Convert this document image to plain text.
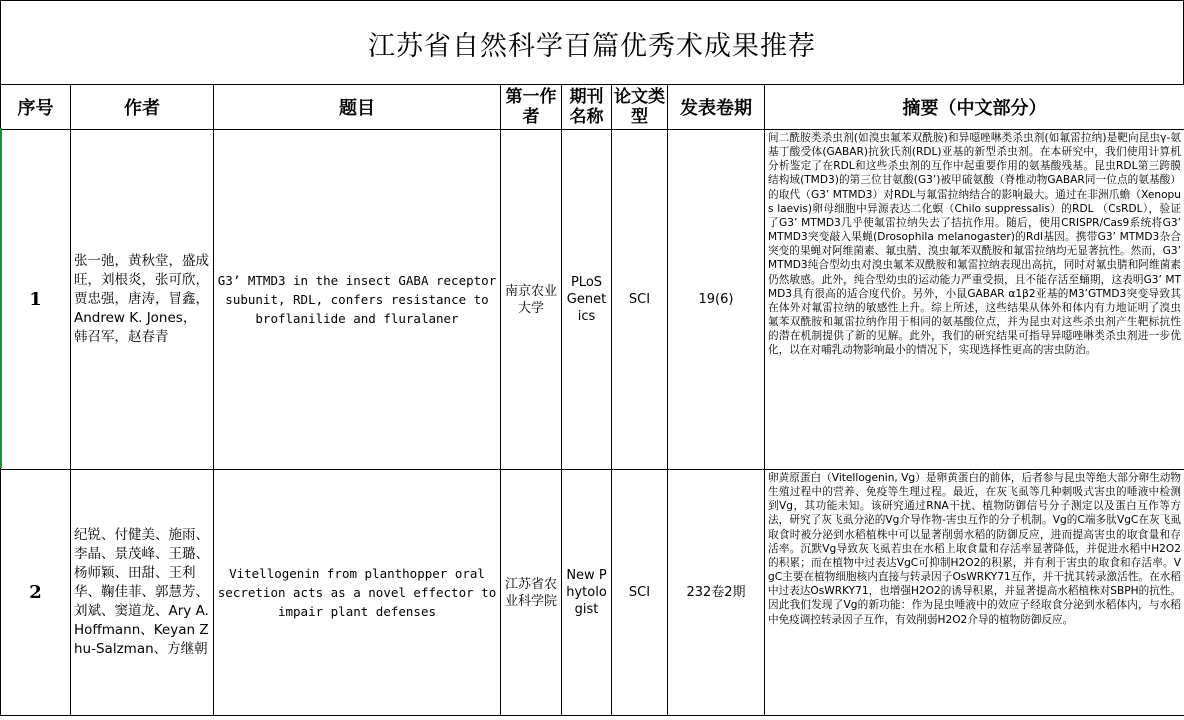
江苏省自然科学百篇优秀术成果推荐
序号	作者	题目	第一作者	期刊名称	论文类型	发表卷期	摘要（中文部分）
1	张一弛，黄秋堂，盛成旺，刘根炎，张可欣，贾忠强，唐涛，冒鑫，Andrew K. Jones，韩召军，赵春青	G3’ MTMD3 in the insect GABA receptor subunit, RDL, confers resistance to broflanilide and fluralaner	南京农业大学	PLoS Genetics	SCI	19(6)	间二酰胺类杀虫剂(如溴虫氟苯双酰胺)和异噁唑啉类杀虫剂(如氟雷拉纳)是靶向昆虫γ-氨基丁酸受体(GABAR)抗狄氏剂(RDL)亚基的新型杀虫剂。在本研究中，我们使用计算机分析鉴定了在RDL和这些杀虫剂的互作中起重要作用的氨基酸残基。昆虫RDL第三跨膜结构域(TMD3)的第三位甘氨酸(G3’)被甲硫氨酸（脊椎动物GABAR同一位点的氨基酸）的取代（G3’ MTMD3）对RDL与氟雷拉纳结合的影响最大。通过在非洲爪蟾（Xenopus laevis)卵母细胞中异源表达二化螟（Chilo suppressalis）的RDL （CsRDL），验证了G3’ MTMD3几乎使氟雷拉纳失去了拮抗作用。随后，使用CRISPR/Cas9系统将G3’ MTMD3突变敲入果蝇(Drosophila melanogaster)的Rdl基因。携带G3’ MTMD3杂合突变的果蝇对阿维菌素、氟虫腈、溴虫氟苯双酰胺和氟雷拉纳均无显著抗性。然而，G3’ MTMD3纯合型幼虫对溴虫氟苯双酰胺和氟雷拉纳表现出高抗，同时对氟虫腈和阿维菌素仍然敏感。此外，纯合型幼虫的运动能力严重受损，且不能存活至蛹期，这表明G3’ MTMD3具有很高的适合度代价。另外，小鼠GABAR α1β2亚基的M3’GTMD3突变导致其在体外对氟雷拉纳的敏感性上升。综上所述，这些结果从体外和体内有力地证明了溴虫氟苯双酰胺和氟雷拉纳作用于相同的氨基酸位点，并为昆虫对这些杀虫剂产生靶标抗性的潜在机制提供了新的见解。此外，我们的研究结果可指导异噁唑啉类杀虫剂进一步优化，以在对哺乳动物影响最小的情况下，实现选择性更高的害虫防治。
2	纪锐、付健美、施雨、李晶、景茂峰、王璐、杨师颖、田甜、王利华、鞠佳菲、郭慧芳、刘斌、窦道龙、Ary A. Hoffmann、Keyan Zhu-Salzman、方继朝	Vitellogenin from planthopper oral secretion acts as a novel effector to impair plant defenses	江苏省农业科学院	New Phytologist	SCI	232卷2期	卵黄原蛋白（Vitellogenin, Vg）是卵黄蛋白的前体，后者参与昆虫等绝大部分卵生动物生殖过程中的营养、免疫等生理过程。最近，在灰飞虱等几种刺吸式害虫的唾液中检测到Vg，其功能未知。该研究通过RNA干扰、植物防御信号分子测定以及蛋白互作等方法，研究了灰飞虱分泌的Vg介导作物-害虫互作的分子机制。Vg的C端多肽VgC在灰飞虱取食时被分泌到水稻植株中可以显著削弱水稻的防御反应，进而提高害虫的取食量和存活率。沉默Vg导致灰飞虱若虫在水稻上取食量和存活率显著降低，并促进水稻中H2O2的积累；而在植物中过表达VgC可抑制H2O2的积累，并有利于害虫的取食和存活率。VgC主要在植物细胞核内直接与转录因子OsWRKY71互作，并干扰其转录激活性。在水稻中过表达OsWRKY71，也增强H2O2的诱导积累，并显著提高水稻植株对SBPH的抗性。因此我们发现了Vg的新功能：作为昆虫唾液中的效应子经取食分泌到水稻体内，与水稻中免疫调控转录因子互作，有效削弱H2O2介导的植物防御反应。
